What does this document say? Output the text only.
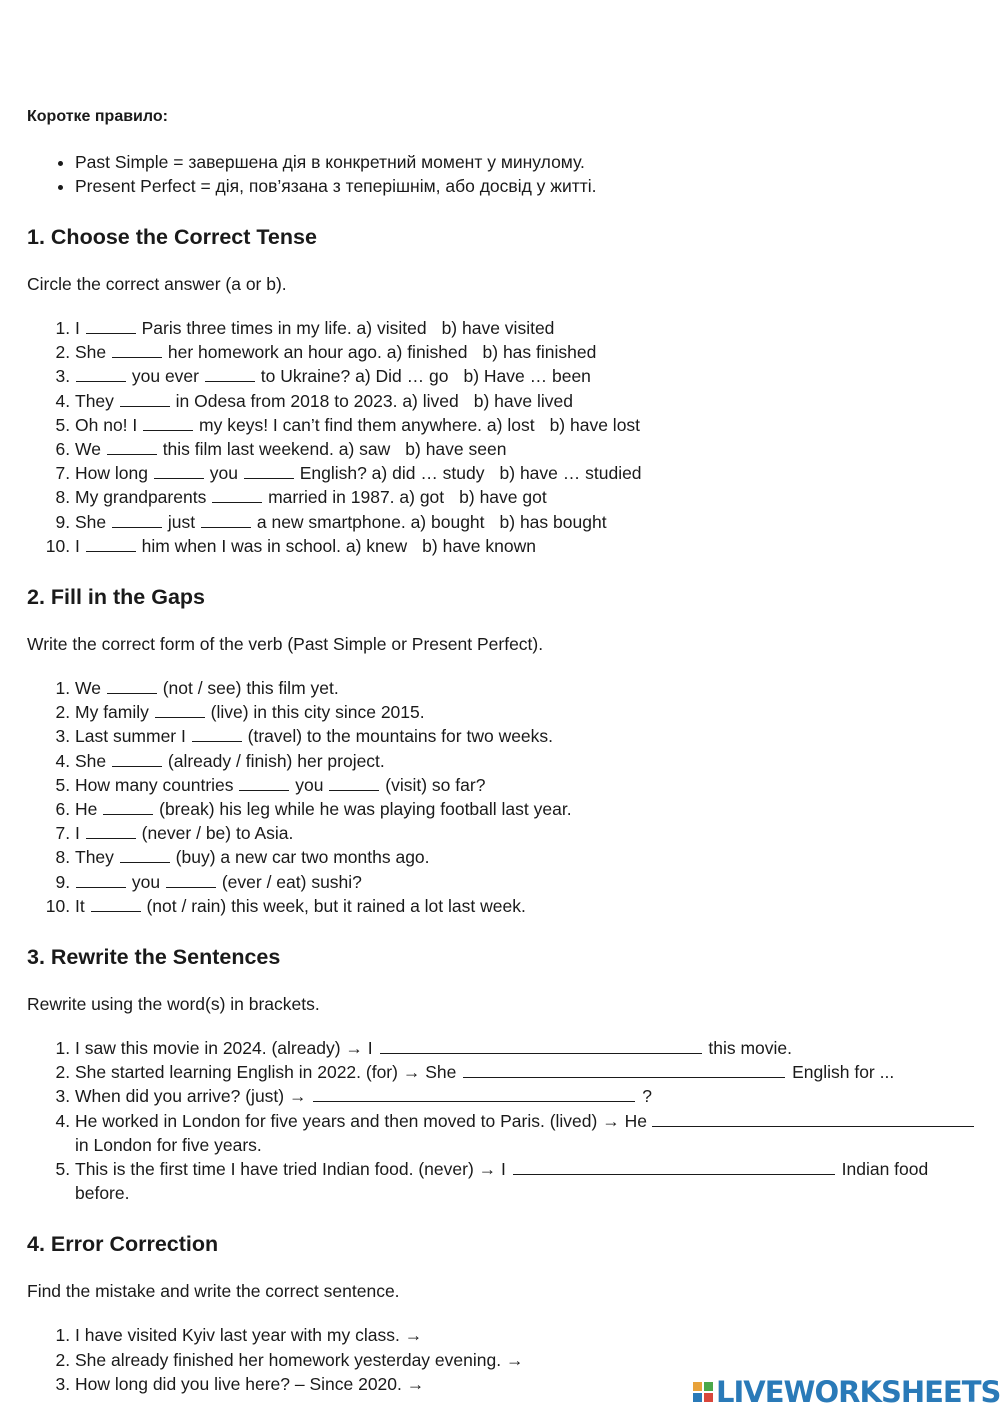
Коротке правило:
• Past Simple = завершена дія в конкретний момент у минулому.
• Present Perfect = дія, пов’язана з теперішнім, або досвід у житті.
1. Choose the Correct Tense
Circle the correct answer (a or b).
1. I	Paris three times in my life. a) visited b) have visited
2. She	her homework an hour ago. a) finished b) has finished
3. you ever	to Ukraine? a) Did … go b) Have … been
4. They	in Odesa from 2018 to 2023. a) lived b) have lived
5. Oh no! I	my keys! I can’t find them anywhere. a) lost b) have lost
6. We	this film last weekend. a) saw b) have seen
7. How long	you	English? a) did … study b) have … studied
8. My grandparents	married in 1987. a) got b) have got
9. She	just	a new smartphone. a) bought b) has bought
10. I	him when I was in school. a) knew b) have known
2. Fill in the Gaps
Write the correct form of the verb (Past Simple or Present Perfect).
1. We	(not / see) this film yet.
2. My family	(live) in this city since 2015.
3. Last summer I	(travel) to the mountains for two weeks.
4. She	(already / finish) her project.
5. How many countries	you	(visit) so far?
6. He	(break) his leg while he was playing football last year.
7. I	(never / be) to Asia.
8. They	(buy) a new car two months ago.
9. you	(ever / eat) sushi?
10. It	(not / rain) this week, but it rained a lot last week.
3. Rewrite the Sentences
Rewrite using the word(s) in brackets.
1. I saw this movie in 2024. (already) → I	this movie.
2. She started learning English in 2022. (for) → She	English for ...
3. When did you arrive? (just) →	?
4. He worked in London for five years and then moved to Paris. (lived) → He  in London for five years.
5. This is the first time I have tried Indian food. (never) → I	Indian food before.
4. Error Correction
Find the mistake and write the correct sentence.
1. I have visited Kyiv last year with my class. →
2. She already finished her homework yesterday evening. →
3. How long did you live here? – Since 2020. →	LIVEWORKSHEETS
